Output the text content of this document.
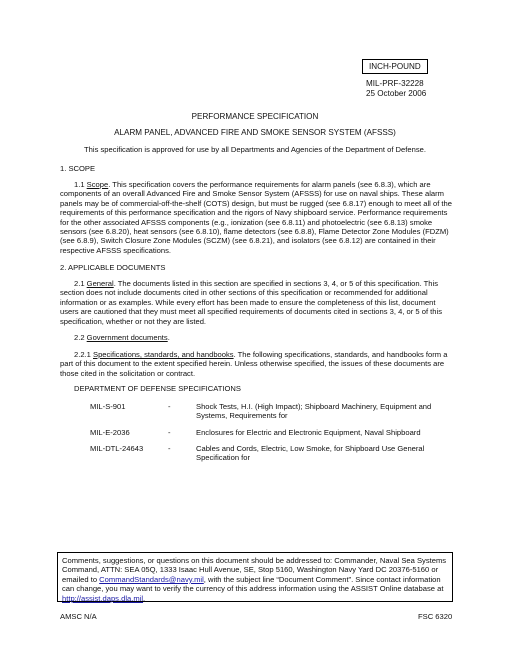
INCH-POUND
MIL-PRF-32228
25 October 2006
PERFORMANCE SPECIFICATION
ALARM PANEL, ADVANCED FIRE AND SMOKE SENSOR SYSTEM (AFSSS)
This specification is approved for use by all Departments and Agencies of the Department of Defense.
1. SCOPE
1.1 Scope. This specification covers the performance requirements for alarm panels (see 6.8.3), which are components of an overall Advanced Fire and Smoke Sensor System (AFSSS) for use on naval ships. These alarm panels may be of commercial-off-the-shelf (COTS) design, but must be rugged (see 6.8.17) enough to meet all of the requirements of this performance specification and the rigors of Navy shipboard service. Performance requirements for the other associated AFSSS components (e.g., ionization (see 6.8.11) and photoelectric (see 6.8.13) smoke sensors (see 6.8.20), heat sensors (see 6.8.10), flame detectors (see 6.8.8), Flame Detector Zone Modules (FDZM) (see 6.8.9), Switch Closure Zone Modules (SCZM) (see 6.8.21), and isolators (see 6.8.12) are contained in their respective AFSSS specifications.
2. APPLICABLE DOCUMENTS
2.1 General. The documents listed in this section are specified in sections 3, 4, or 5 of this specification. This section does not include documents cited in other sections of this specification or recommended for additional information or as examples. While every effort has been made to ensure the completeness of this list, document users are cautioned that they must meet all specified requirements of documents cited in sections 3, 4, or 5 of this specification, whether or not they are listed.
2.2 Government documents.
2.2.1 Specifications, standards, and handbooks. The following specifications, standards, and handbooks form a part of this document to the extent specified herein. Unless otherwise specified, the issues of these documents are those cited in the solicitation or contract.
DEPARTMENT OF DEFENSE SPECIFICATIONS
MIL-S-901	-	Shock Tests, H.I. (High Impact); Shipboard Machinery, Equipment and Systems, Requirements for
MIL-E-2036	-	Enclosures for Electric and Electronic Equipment, Naval Shipboard
MIL-DTL-24643	-	Cables and Cords, Electric, Low Smoke, for Shipboard Use General Specification for
Comments, suggestions, or questions on this document should be addressed to: Commander, Naval Sea Systems Command, ATTN: SEA 05Q, 1333 Isaac Hull Avenue, SE, Stop 5160, Washington Navy Yard DC 20376-5160 or emailed to CommandStandards@navy.mil, with the subject line “Document Comment”. Since contact information can change, you may want to verify the currency of this address information using the ASSIST Online database at http://assist.daps.dla.mil.
AMSC N/A	FSC 6320
